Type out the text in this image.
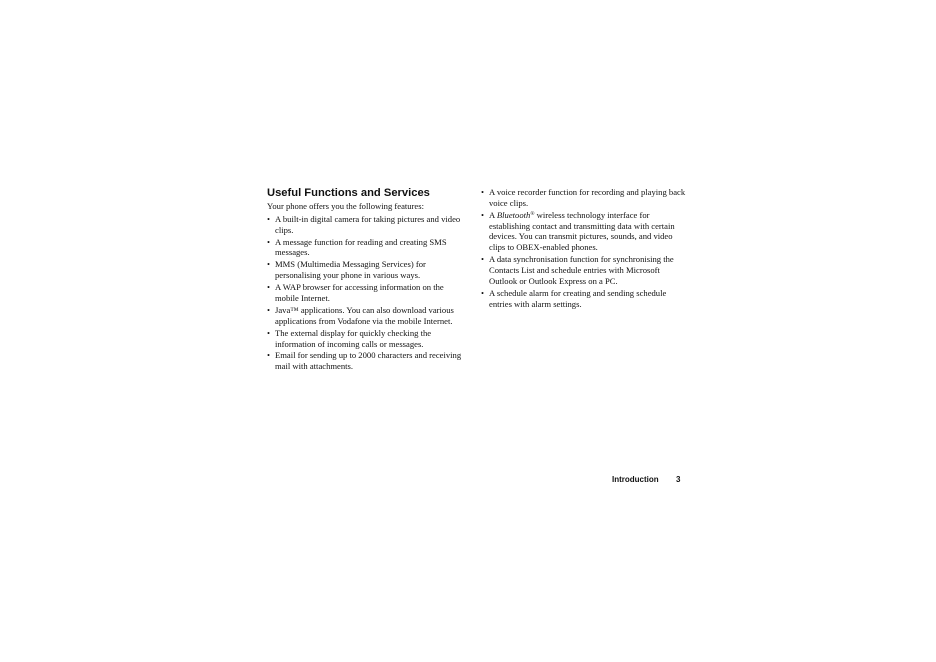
Useful Functions and Services

Your phone offers you the following features:

• A built-in digital camera for taking pictures and video clips.
• A message function for reading and creating SMS messages.
• MMS (Multimedia Messaging Services) for personalising your phone in various ways.
• A WAP browser for accessing information on the mobile Internet.
• Java™ applications. You can also download various applications from Vodafone via the mobile Internet.
• The external display for quickly checking the information of incoming calls or messages.
• Email for sending up to 2000 characters and receiving mail with attachments.
• A voice recorder function for recording and playing back voice clips.
• A Bluetooth® wireless technology interface for establishing contact and transmitting data with certain devices. You can transmit pictures, sounds, and video clips to OBEX-enabled phones.
• A data synchronisation function for synchronising the Contacts List and schedule entries with Microsoft Outlook or Outlook Express on a PC.
• A schedule alarm for creating and sending schedule entries with alarm settings.
Introduction 3
